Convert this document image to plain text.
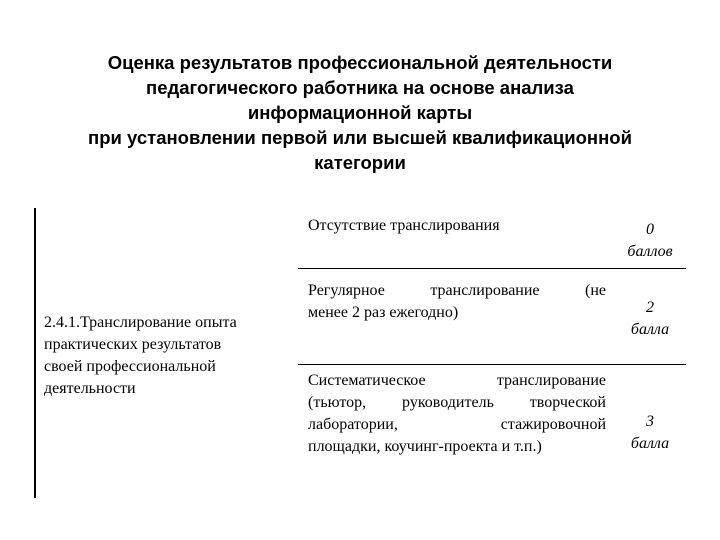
Оценка результатов профессиональной деятельности
педагогического работника на основе анализа
информационной карты
при установлении первой или высшей квалификационной
категории
2.4.1.Транслирование опыта
практических результатов
своей профессиональной
деятельности
Отсутствие транслирования	0
баллов
Регулярное транслирование (не
менее 2 раз ежегодно)	2
балла
Систематическое транслирование
(тьютор, руководитель творческой
лаборатории, стажировочной
площадки, коучинг-проекта и т.п.)
3
балла
